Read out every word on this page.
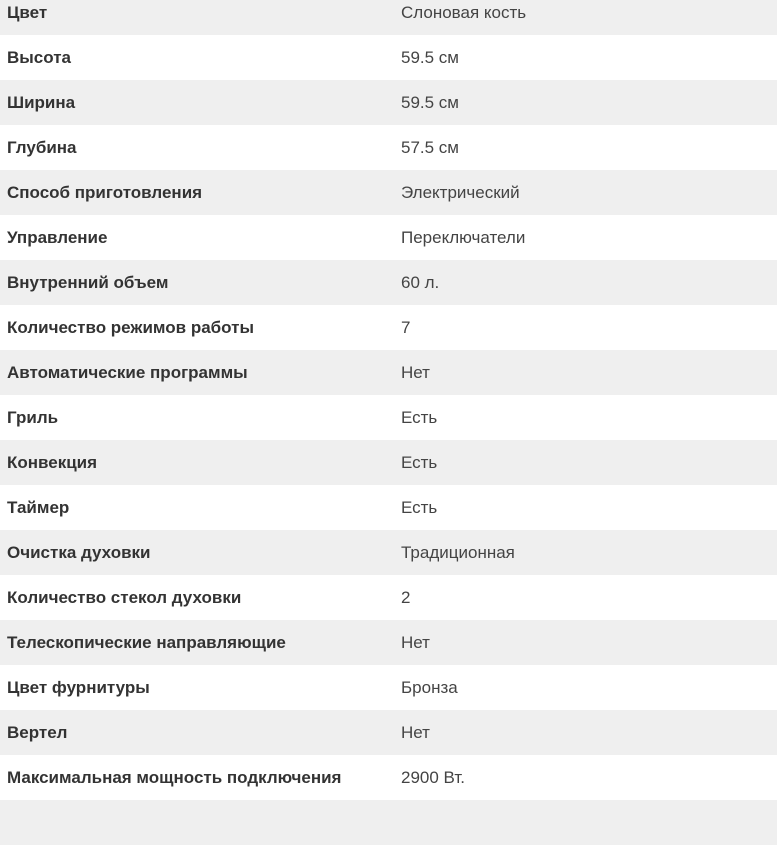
Цвет	Слоновая кость
Высота	59.5 см
Ширина	59.5 см
Глубина	57.5 см
Способ приготовления	Электрический
Управление	Переключатели
Внутренний объем	60 л.
Количество режимов работы	7
Автоматические программы	Нет
Гриль	Есть
Конвекция	Есть
Таймер	Есть
Очистка духовки	Традиционная
Количество стекол духовки	2
Телескопические направляющие	Нет
Цвет фурнитуры	Бронза
Вертел	Нет
Максимальная мощность подключения	2900 Вт.
